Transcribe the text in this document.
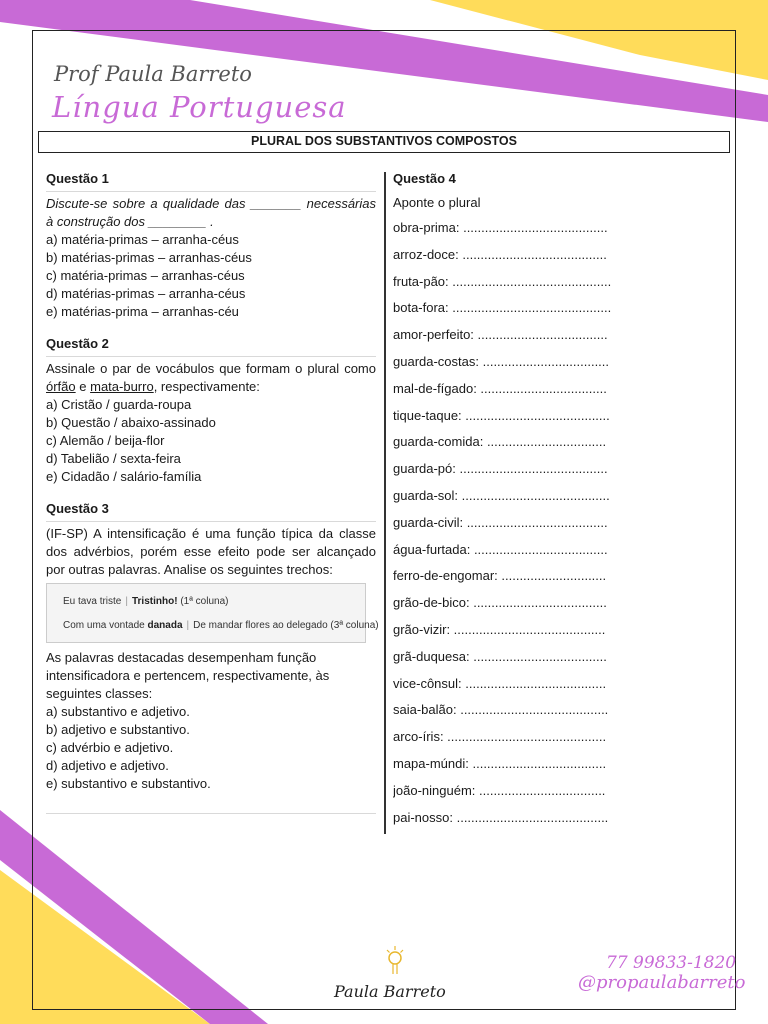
Prof Paula Barreto
Língua Portuguesa
PLURAL DOS SUBSTANTIVOS COMPOSTOS
Questão 1
Discute-se sobre a qualidade das _______ necessárias à construção dos ________ .
a) matéria-primas – arranha-céus
b) matérias-primas – arranhas-céus
c) matéria-primas – arranhas-céus
d) matérias-primas – arranha-céus
e) matérias-prima – arranhas-céu
Questão 2
Assinale o par de vocábulos que formam o plural como órfão e mata-burro, respectivamente:
a) Cristão / guarda-roupa
b) Questão / abaixo-assinado
c) Alemão / beija-flor
d) Tabelião / sexta-feira
e) Cidadão / salário-família
Questão 3
(IF-SP) A intensificação é uma função típica da classe dos advérbios, porém esse efeito pode ser alcançado por outras palavras. Analise os seguintes trechos:
Eu tava triste | Tristinho! (1ª coluna)
Com uma vontade danada | De mandar flores ao delegado (3ª coluna)
As palavras destacadas desempenham função intensificadora e pertencem, respectivamente, às seguintes classes:
a) substantivo e adjetivo.
b) adjetivo e substantivo.
c) advérbio e adjetivo.
d) adjetivo e adjetivo.
e) substantivo e substantivo.
Questão 4
Aponte o plural
obra-prima: ........................................
arroz-doce: ........................................
fruta-pão: ............................................
bota-fora: ............................................
amor-perfeito: ....................................
guarda-costas: ...................................
mal-de-fígado: ...................................
tique-taque: ........................................
guarda-comida: .................................
guarda-pó: .........................................
guarda-sol: .........................................
guarda-civil: .......................................
água-furtada: .....................................
ferro-de-engomar: .............................
grão-de-bico: .....................................
grão-vizir: ..........................................
grã-duquesa: .....................................
vice-cônsul: .......................................
saia-balão: .........................................
arco-íris: ............................................
mapa-múndi: .....................................
joão-ninguém: ...................................
pai-nosso: ..........................................
Paula Barreto
77 99833-1820
@propaulabarreto
